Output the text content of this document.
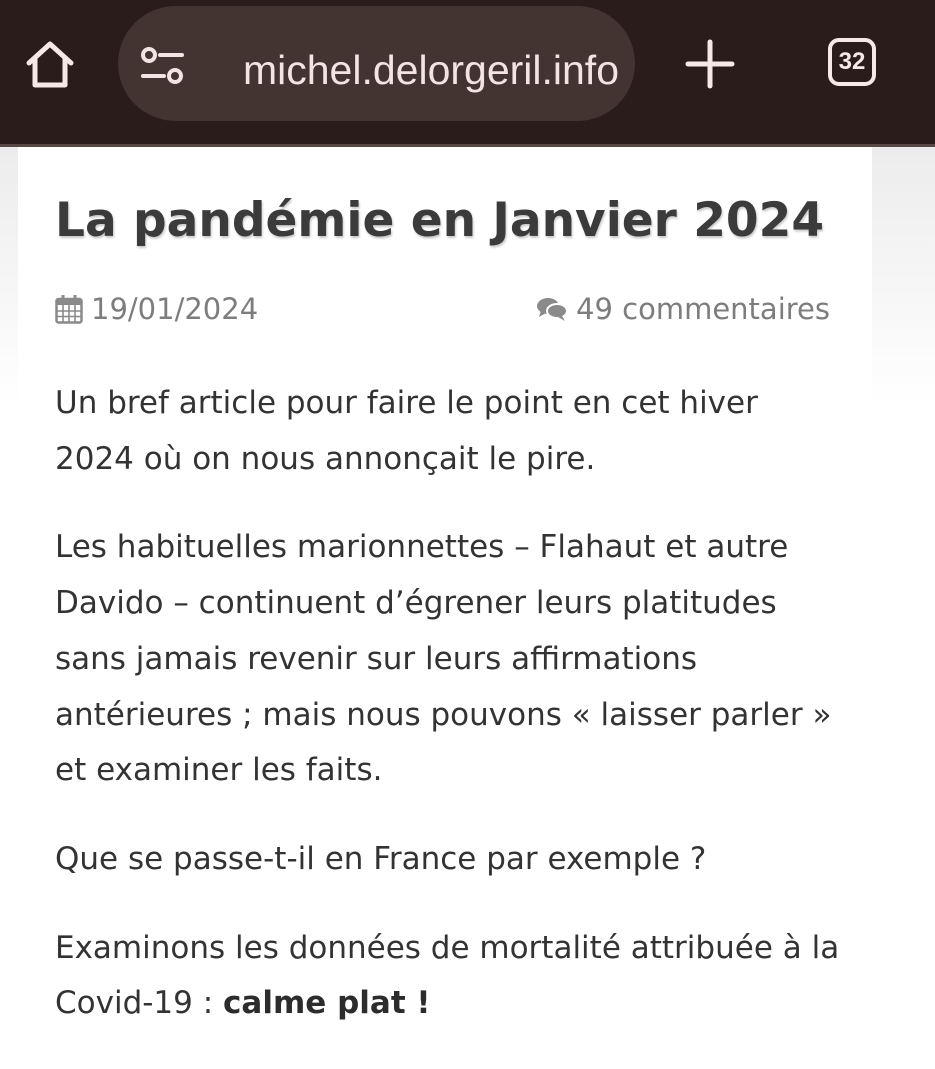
michel.delorgeril.info	32
La pandémie en Janvier 2024
19/01/2024	49 commentaires

Un bref article pour faire le point en cet hiver 2024 où on nous annonçait le pire.

Les habituelles marionnettes – Flahaut et autre Davido – continuent d’égrener leurs platitudes sans jamais revenir sur leurs affirmations antérieures ; mais nous pouvons « laisser parler » et examiner les faits.

Que se passe-t-il en France par exemple ?

Examinons les données de mortalité attribuée à la Covid-19 : calme plat !
